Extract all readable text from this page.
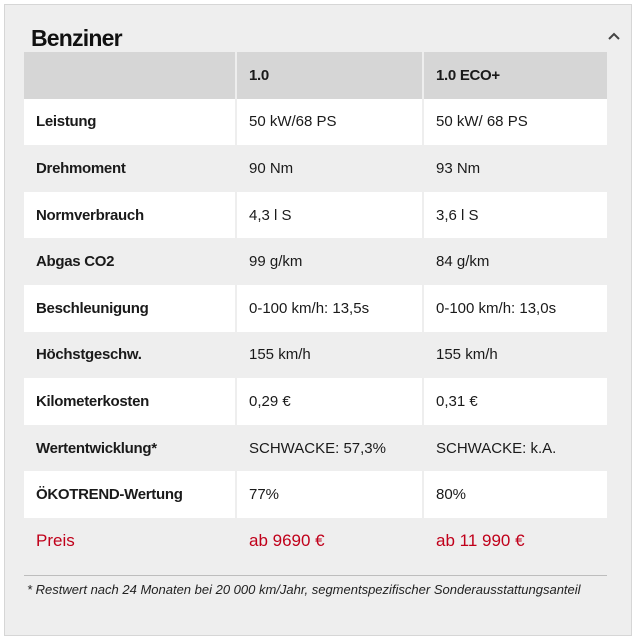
Benziner
	1.0	1.0 ECO+
Leistung	50 kW/68 PS	50 kW/ 68 PS
Drehmoment	90 Nm	93 Nm
Normverbrauch	4,3 l S	3,6 l S
Abgas CO2	99 g/km	84 g/km
Beschleunigung	0-100 km/h: 13,5s	0-100 km/h: 13,0s
Höchstgeschw.	155 km/h	155 km/h
Kilometerkosten	0,29 €	0,31 €
Wertentwicklung*	SCHWACKE: 57,3%	SCHWACKE: k.A.
ÖKOTREND-Wertung	77%	80%
Preis	ab 9690 €	ab 11 990 €
* Restwert nach 24 Monaten bei 20 000 km/Jahr, segmentspezifischer Sonderausstattungsanteil
